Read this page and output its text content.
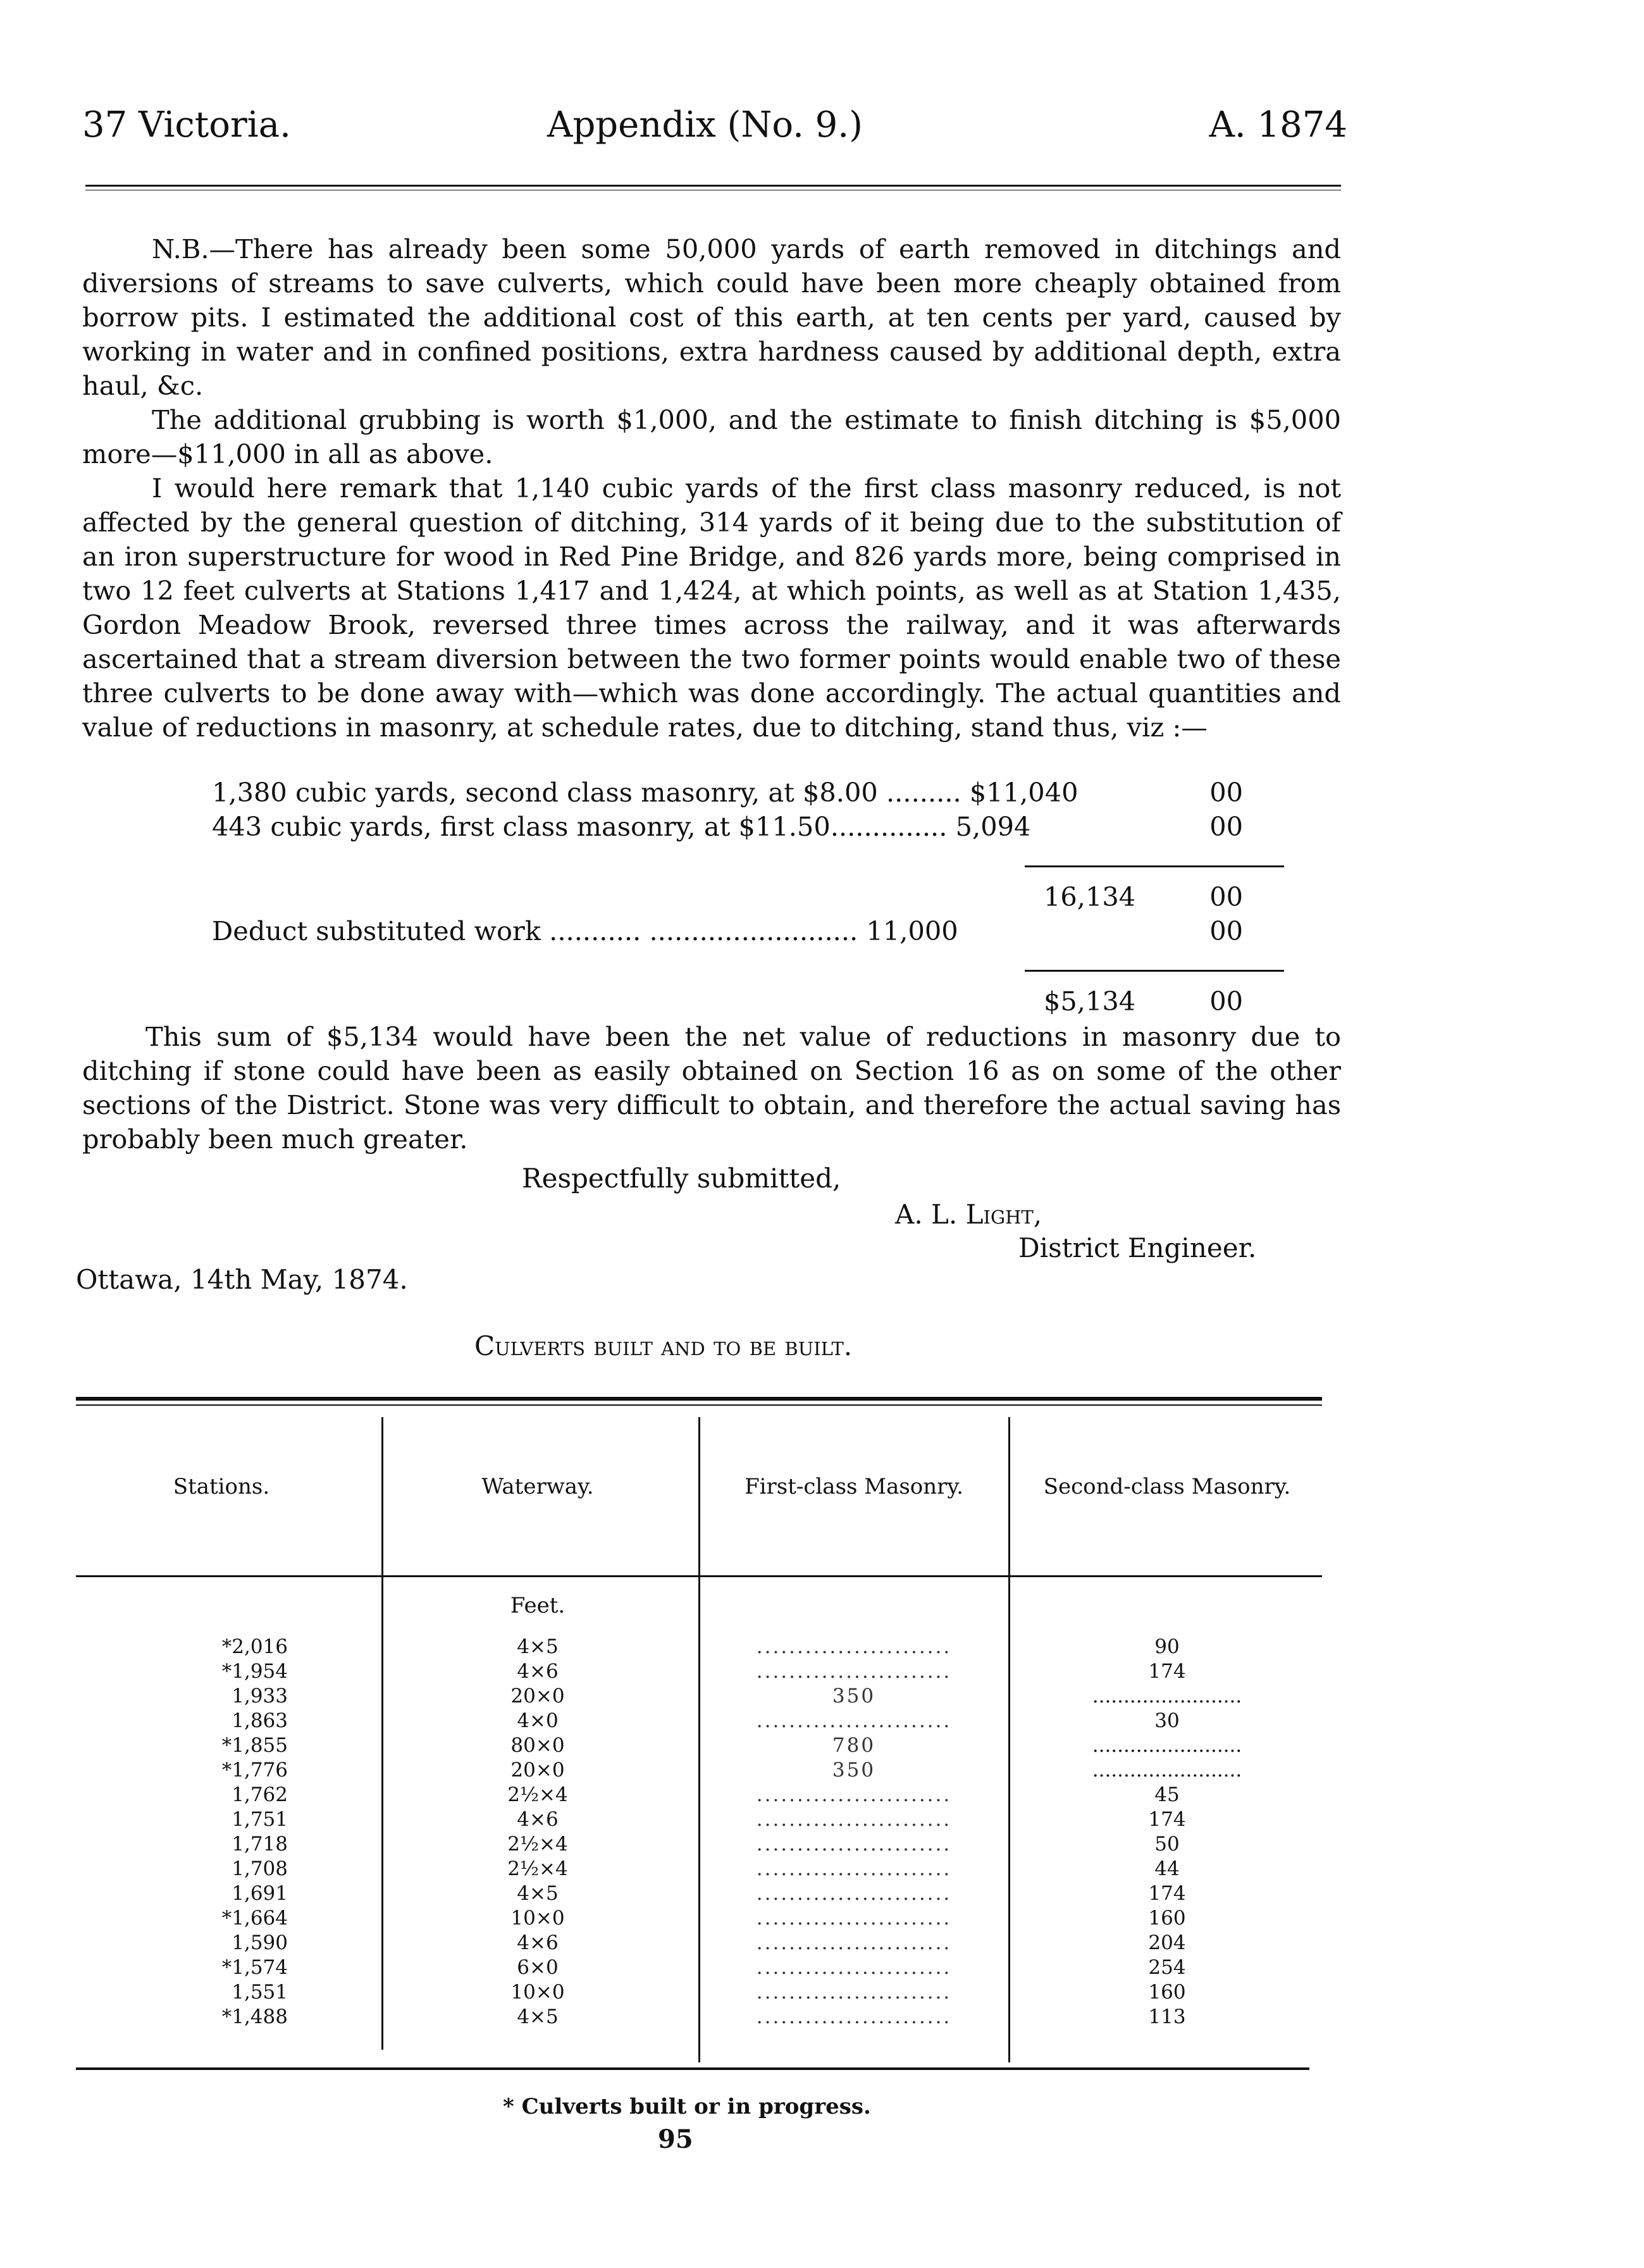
37 Victoria.	Appendix (No. 9.)	A. 1874

N.B.—There has already been some 50,000 yards of earth removed in ditchings and diversions of streams to save culverts, which could have been more cheaply obtained from borrow pits. I estimated the additional cost of this earth, at ten cents per yard, caused by working in water and in confined positions, extra hardness caused by additional depth, extra haul, &c.

The additional grubbing is worth $1,000, and the estimate to finish ditching is $5,000 more—$11,000 in all as above.

I would here remark that 1,140 cubic yards of the first class masonry reduced, is not affected by the general question of ditching, 314 yards of it being due to the substitution of an iron superstructure for wood in Red Pine Bridge, and 826 yards more, being comprised in two 12 feet culverts at Stations 1,417 and 1,424, at which points, as well as at Station 1,435, Gordon Meadow Brook, reversed three times across the railway, and it was afterwards ascertained that a stream diversion between the two former points would enable two of these three culverts to be done away with—which was done accordingly. The actual quantities and value of reductions in masonry, at schedule rates, due to ditching, stand thus, viz :—

1,380 cubic yards, second class masonry, at $8.00 ......... $11,040	00
443 cubic yards, first class masonry, at $11.50.............. 5,094	00
16,134	00
Deduct substituted work ........... ......................... 11,000	00
$5,134	00

This sum of $5,134 would have been the net value of reductions in masonry due to ditching if stone could have been as easily obtained on Section 16 as on some of the other sections of the District. Stone was very difficult to obtain, and therefore the actual saving has probably been much greater.

Respectfully submitted,
A. L. Light,
District Engineer.
Ottawa, 14th May, 1874.
Culverts built and to be built.
Stations.	Waterway.	First-class Masonry.	Second-class Masonry.
Feet.
*2,016	4×5	........................	90
*1,954	4×6	........................	174
1,933	20×0	350	........................
1,863	4×0	........................	30
*1,855	80×0	780	........................
*1,776	20×0	350	........................
1,762	2½×4	........................	45
1,751	4×6	........................	174
1,718	2½×4	........................	50
1,708	2½×4	........................	44
1,691	4×5	........................	174
*1,664	10×0	........................	160
1,590	4×6	........................	204
*1,574	6×0	........................	254
1,551	10×0	........................	160
*1,488	4×5	........................	113
* Culverts built or in progress.
95
